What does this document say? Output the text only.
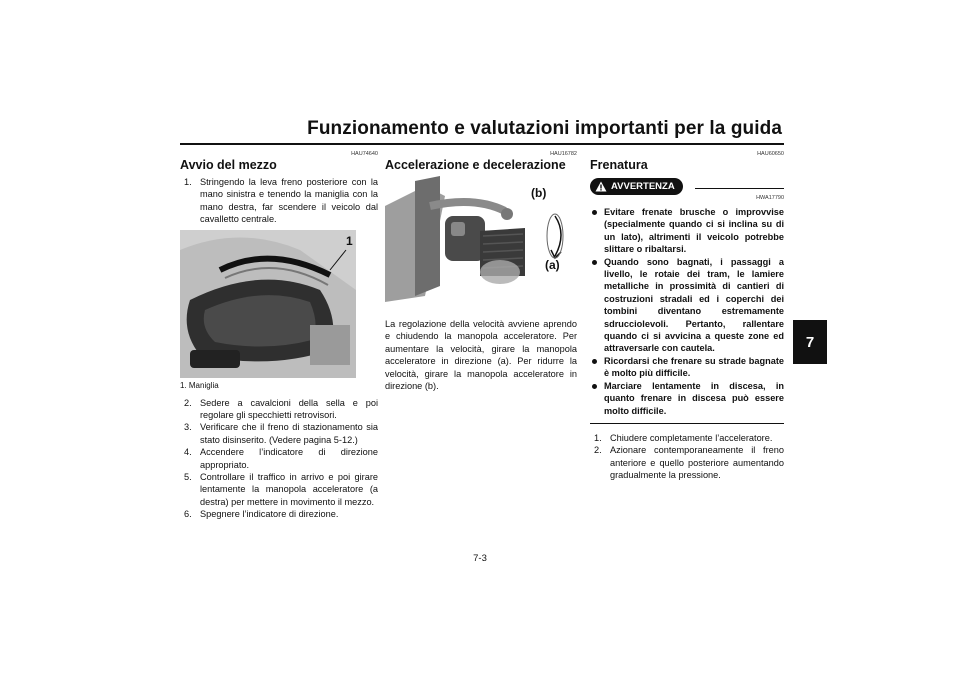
Funzionamento e valutazioni importanti per la guida
7
HAU74640
Avvio del mezzo
1. Stringendo la leva freno posteriore con la mano sinistra e tenendo la maniglia con la mano destra, far scendere il veicolo dal cavalletto centrale.
1
1. Maniglia
2. Sedere a cavalcioni della sella e poi regolare gli specchietti retrovisori.
3. Verificare che il freno di stazionamento sia stato disinserito. (Vedere pagina 5-12.)
4. Accendere l’indicatore di direzione appropriato.
5. Controllare il traffico in arrivo e poi girare lentamente la manopola acceleratore (a destra) per mettere in movimento il mezzo.
6. Spegnere l’indicatore di direzione.
HAU16782
Accelerazione e decelerazione
(b)
(a)

La regolazione della velocità avviene aprendo e chiudendo la manopola acceleratore. Per aumentare la velocità, girare la manopola acceleratore in direzione (a). Per ridurre la velocità, girare la manopola acceleratore in direzione (b).

HAU60650
Frenatura
AVVERTENZA
HWA17790
Evitare frenate brusche o improvvise (specialmente quando ci si inclina su di un lato), altrimenti il veicolo potrebbe slittare o ribaltarsi.
Quando sono bagnati, i passaggi a livello, le rotaie dei tram, le lamiere metalliche in prossimità di cantieri di costruzioni stradali ed i coperchi dei tombini diventano estremamente sdrucciolevoli. Pertanto, rallentare quando ci si avvicina a queste zone ed attraversarle con cautela.
Ricordarsi che frenare su strade bagnate è molto più difficile.
Marciare lentamente in discesa, in quanto frenare in discesa può essere molto difficile.
1. Chiudere completamente l’acceleratore.
2. Azionare contemporaneamente il freno anteriore e quello posteriore aumentando gradualmente la pressione.
7-3
